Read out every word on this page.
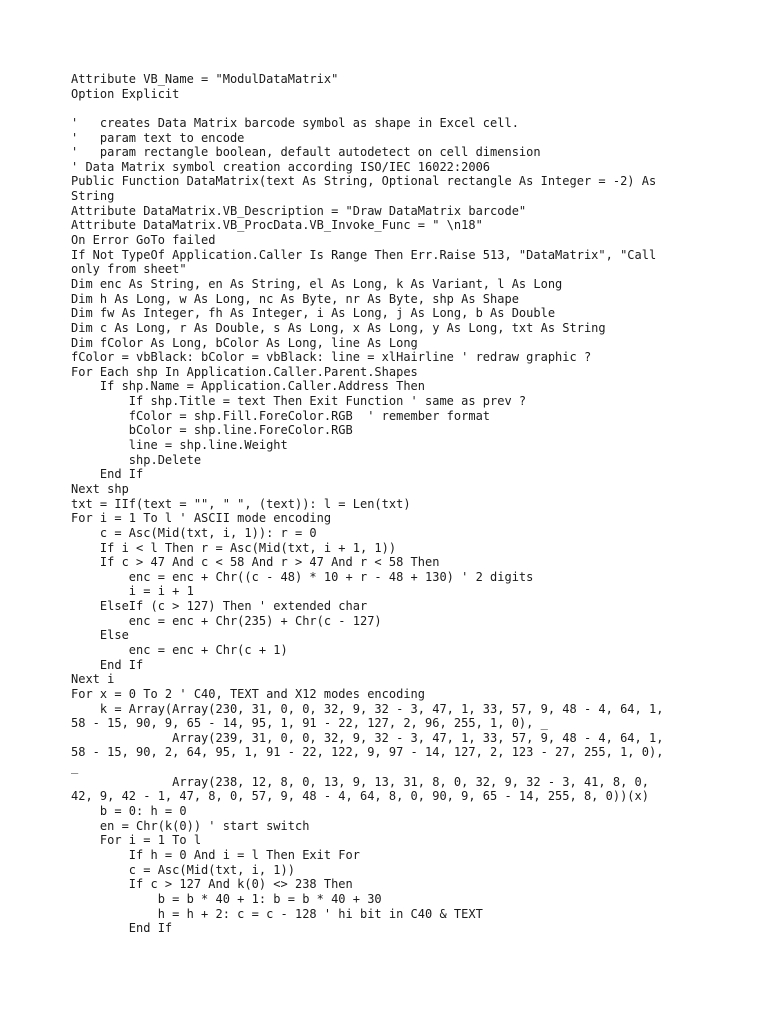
Attribute VB_Name = "ModulDataMatrix"
Option Explicit
'   creates Data Matrix barcode symbol as shape in Excel cell.
'   param text to encode
'   param rectangle boolean, default autodetect on cell dimension
' Data Matrix symbol creation according ISO/IEC 16022:2006
Public Function DataMatrix(text As String, Optional rectangle As Integer = -2) As
String
Attribute DataMatrix.VB_Description = "Draw DataMatrix barcode"
Attribute DataMatrix.VB_ProcData.VB_Invoke_Func = " \n18"
On Error GoTo failed
If Not TypeOf Application.Caller Is Range Then Err.Raise 513, "DataMatrix", "Call
only from sheet"
Dim enc As String, en As String, el As Long, k As Variant, l As Long
Dim h As Long, w As Long, nc As Byte, nr As Byte, shp As Shape
Dim fw As Integer, fh As Integer, i As Long, j As Long, b As Double
Dim c As Long, r As Double, s As Long, x As Long, y As Long, txt As String
Dim fColor As Long, bColor As Long, line As Long
fColor = vbBlack: bColor = vbBlack: line = xlHairline ' redraw graphic ?
For Each shp In Application.Caller.Parent.Shapes
If shp.Name = Application.Caller.Address Then
If shp.Title = text Then Exit Function ' same as prev ?
fColor = shp.Fill.ForeColor.RGB  ' remember format
bColor = shp.line.ForeColor.RGB
line = shp.line.Weight
shp.Delete
End If
Next shp
txt = IIf(text = "", " ", (text)): l = Len(txt)
For i = 1 To l ' ASCII mode encoding
c = Asc(Mid(txt, i, 1)): r = 0
If i < l Then r = Asc(Mid(txt, i + 1, 1))
If c > 47 And c < 58 And r > 47 And r < 58 Then
enc = enc + Chr((c - 48) * 10 + r - 48 + 130) ' 2 digits
i = i + 1
ElseIf (c > 127) Then ' extended char
enc = enc + Chr(235) + Chr(c - 127)
Else
enc = enc + Chr(c + 1)
End If
Next i
For x = 0 To 2 ' C40, TEXT and X12 modes encoding
k = Array(Array(230, 31, 0, 0, 32, 9, 32 - 3, 47, 1, 33, 57, 9, 48 - 4, 64, 1,
58 - 15, 90, 9, 65 - 14, 95, 1, 91 - 22, 127, 2, 96, 255, 1, 0), _
Array(239, 31, 0, 0, 32, 9, 32 - 3, 47, 1, 33, 57, 9, 48 - 4, 64, 1,
58 - 15, 90, 2, 64, 95, 1, 91 - 22, 122, 9, 97 - 14, 127, 2, 123 - 27, 255, 1, 0),
_
Array(238, 12, 8, 0, 13, 9, 13, 31, 8, 0, 32, 9, 32 - 3, 41, 8, 0,
42, 9, 42 - 1, 47, 8, 0, 57, 9, 48 - 4, 64, 8, 0, 90, 9, 65 - 14, 255, 8, 0))(x)
b = 0: h = 0
en = Chr(k(0)) ' start switch
For i = 1 To l
If h = 0 And i = l Then Exit For
c = Asc(Mid(txt, i, 1))
If c > 127 And k(0) <> 238 Then
b = b * 40 + 1: b = b * 40 + 30
h = h + 2: c = c - 128 ' hi bit in C40 & TEXT
End If
